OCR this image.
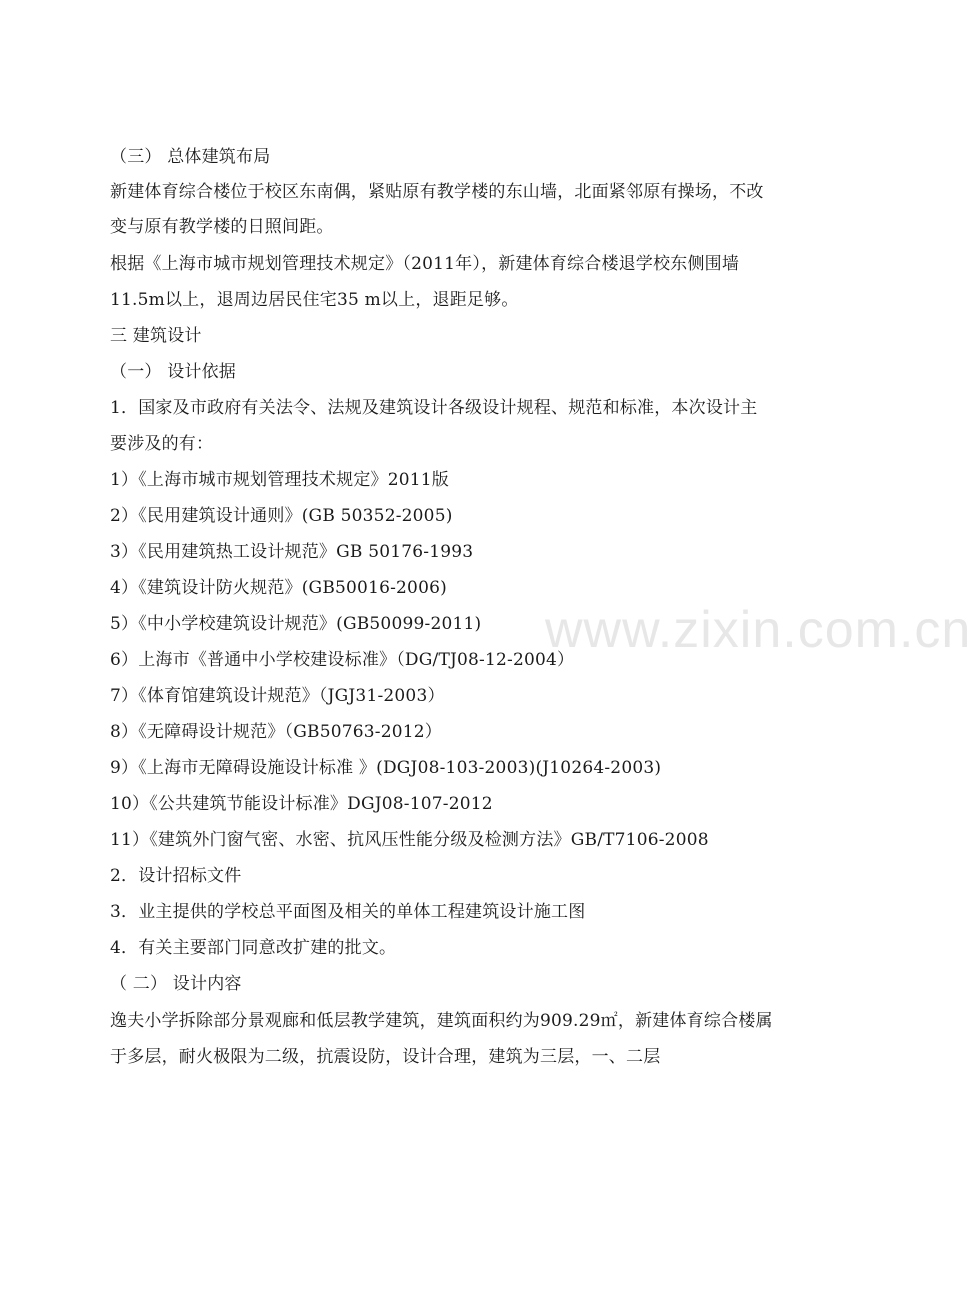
www.zixin.com.cn
（三） 总体建筑布局
新建体育综合楼位于校区东南偶，紧贴原有教学楼的东山墙，北面紧邻原有操场，不改
变与原有教学楼的日照间距。
根据《上海市城市规划管理技术规定》（2011年），新建体育综合楼退学校东侧围墙
11.5m以上，退周边居民住宅35 m以上，退距足够。
三 建筑设计
（一） 设计依据
1．国家及市政府有关法令、法规及建筑设计各级设计规程、规范和标准，本次设计主
要涉及的有：
1）《上海市城市规划管理技术规定》2011版
2）《民用建筑设计通则》(GB 50352-2005)
3）《民用建筑热工设计规范》GB 50176-1993
4）《建筑设计防火规范》(GB50016-2006)
5）《中小学校建筑设计规范》(GB50099-2011)
6）上海市《普通中小学校建设标准》（DG/TJ08-12-2004）
7）《体育馆建筑设计规范》（JGJ31-2003）
8）《无障碍设计规范》（GB50763-2012）
9）《上海市无障碍设施设计标准 》(DGJ08-103-2003)(J10264-2003)
10）《公共建筑节能设计标准》DGJ08-107-2012
11）《建筑外门窗气密、水密、抗风压性能分级及检测方法》GB/T7106-2008
2．设计招标文件
3．业主提供的学校总平面图及相关的单体工程建筑设计施工图
4．有关主要部门同意改扩建的批文。
（ 二） 设计内容
逸夫小学拆除部分景观廊和低层教学建筑，建筑面积约为909.29㎡，新建体育综合楼属
于多层，耐火极限为二级，抗震设防，设计合理，建筑为三层，一、二层
